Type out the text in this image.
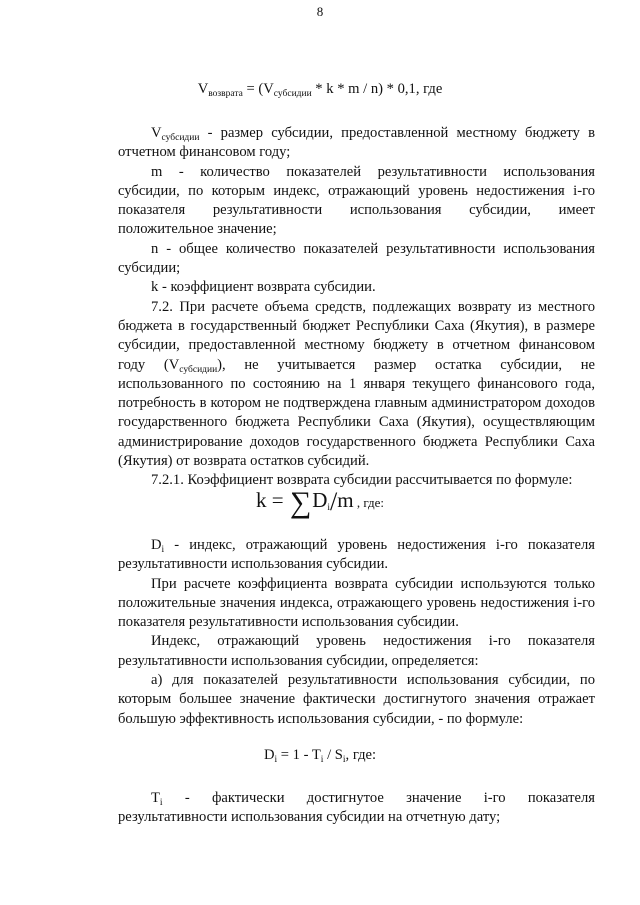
8
$V_{возврата} = (V_{субсидии} * k * m / n) * 0,1$, где

$V_{субсидии}$ - размер субсидии, предоставленной местному бюджету в отчетном финансовом году;

m - количество показателей результативности использования субсидии, по которым индекс, отражающий уровень недостижения i-го показателя результативности использования субсидии, имеет положительное значение;

n - общее количество показателей результативности использования субсидии;

k - коэффициент возврата субсидии.

7.2. При расчете объема средств, подлежащих возврату из местного бюджета в государственный бюджет Республики Саха (Якутия), в размере субсидии, предоставленной местному бюджету в отчетном финансовом году $(V_{субсидии})$, не учитывается размер остатка субсидии, не использованного по состоянию на 1 января текущего финансового года, потребность в котором не подтверждена главным администратором доходов государственного бюджета Республики Саха (Якутия), осуществляющим администрирование доходов государственного бюджета Республики Саха (Якутия) от возврата остатков субсидий.

7.2.1. Коэффициент возврата субсидии рассчитывается по формуле:

$k = \sum D_i/m$ , где:

$D_i$ - индекс, отражающий уровень недостижения i-го показателя результативности использования субсидии.

При расчете коэффициента возврата субсидии используются только положительные значения индекса, отражающего уровень недостижения i-го показателя результативности использования субсидии.

Индекс, отражающий уровень недостижения i-го показателя результативности использования субсидии, определяется:

а) для показателей результативности использования субсидии, по которым большее значение фактически достигнутого значения отражает большую эффективность использования субсидии, - по формуле:

$D_i = 1 - T_i / S_i$, где:

$T_i$ - фактически достигнутое значение i-го показателя результативности использования субсидии на отчетную дату;
